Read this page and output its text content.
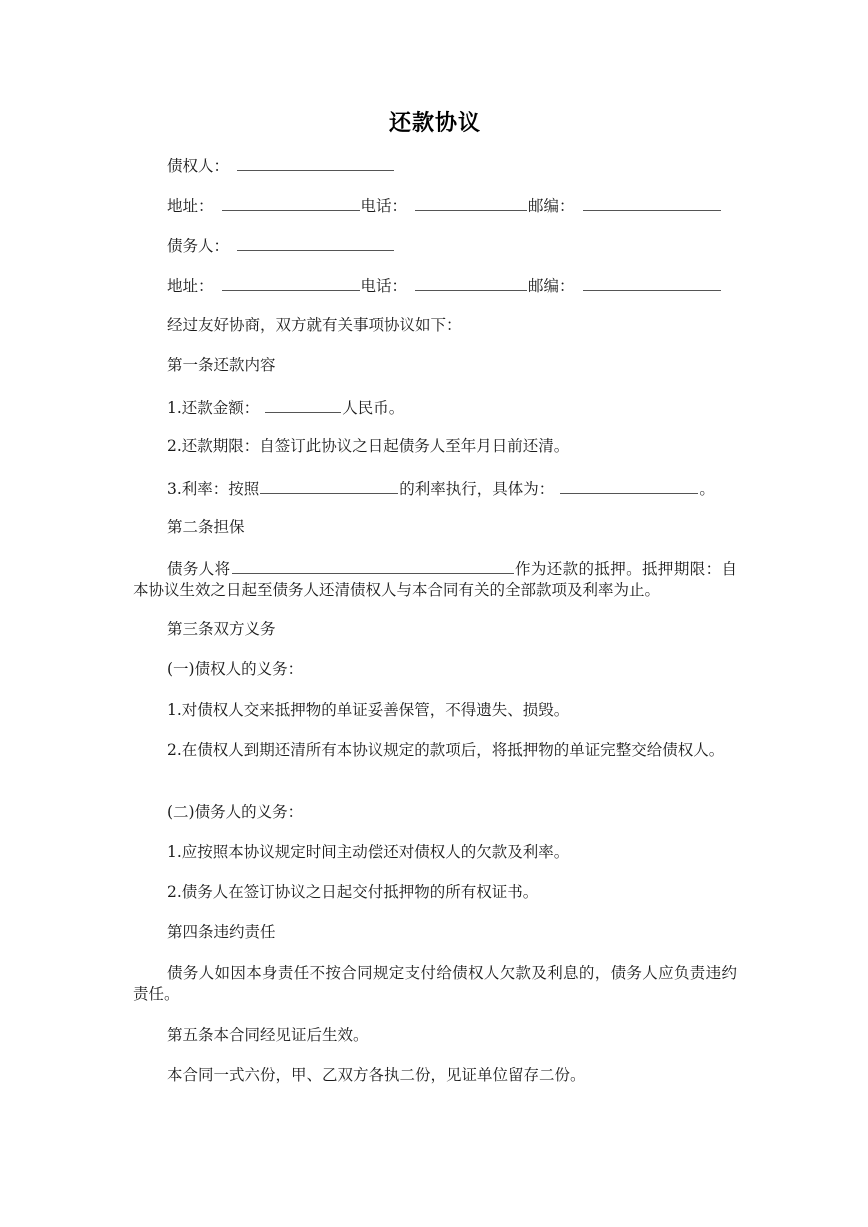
还款协议
债权人：
地址：	电话：	邮编：
债务人：
地址：	电话：	邮编：
经过友好协商，双方就有关事项协议如下：
第一条还款内容
1.还款金额：	人民币。
2.还款期限：自签订此协议之日起债务人至年月日前还清。
3.利率：按照	的利率执行，具体为：	。
第二条担保
债务人将	作为还款的抵押。抵押期限：自本协议生效之日起至债务人还清债权人与本合同有关的全部款项及利率为止。
第三条双方义务
(一)债权人的义务：
1.对债权人交来抵押物的单证妥善保管，不得遗失、损毁。
2.在债权人到期还清所有本协议规定的款项后，将抵押物的单证完整交给债权人。
(二)债务人的义务：
1.应按照本协议规定时间主动偿还对债权人的欠款及利率。
2.债务人在签订协议之日起交付抵押物的所有权证书。
第四条违约责任
债务人如因本身责任不按合同规定支付给债权人欠款及利息的，债务人应负责违约责任。
第五条本合同经见证后生效。
本合同一式六份，甲、乙双方各执二份，见证单位留存二份。
